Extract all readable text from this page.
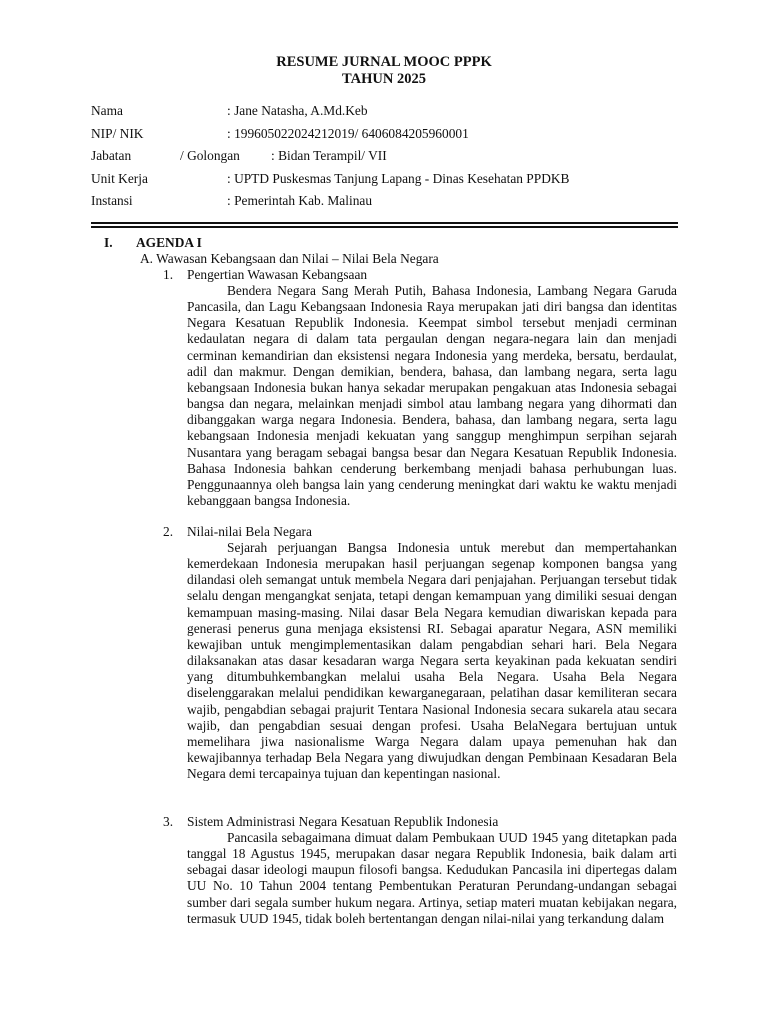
RESUME JURNAL MOOC PPPK
TAHUN 2025
Nama	: Jane Natasha, A.Md.Keb
NIP/ NIK	: 199605022024212019/ 6406084205960001
Jabatan	/ Golongan : Bidan Terampil/ VII
Unit Kerja	: UPTD Puskesmas Tanjung Lapang - Dinas Kesehatan PPDKB
Instansi	: Pemerintah Kab. Malinau
I. AGENDA I
A. Wawasan Kebangsaan dan Nilai – Nilai Bela Negara
1. Pengertian Wawasan Kebangsaan

Bendera Negara Sang Merah Putih, Bahasa Indonesia, Lambang Negara Garuda Pancasila, dan Lagu Kebangsaan Indonesia Raya merupakan jati diri bangsa dan identitas Negara Kesatuan Republik Indonesia. Keempat simbol tersebut menjadi cerminan kedaulatan negara di dalam tata pergaulan dengan negara-negara lain dan menjadi cerminan kemandirian dan eksistensi negara Indonesia yang merdeka, bersatu, berdaulat, adil dan makmur. Dengan demikian, bendera, bahasa, dan lambang negara, serta lagu kebangsaan Indonesia bukan hanya sekadar merupakan pengakuan atas Indonesia sebagai bangsa dan negara, melainkan menjadi simbol atau lambang negara yang dihormati dan dibanggakan warga negara Indonesia. Bendera, bahasa, dan lambang negara, serta lagu kebangsaan Indonesia menjadi kekuatan yang sanggup menghimpun serpihan sejarah Nusantara yang beragam sebagai bangsa besar dan Negara Kesatuan Republik Indonesia. Bahasa Indonesia bahkan cenderung berkembang menjadi bahasa perhubungan luas. Penggunaannya oleh bangsa lain yang cenderung meningkat dari waktu ke waktu menjadi kebanggaan bangsa Indonesia.

2. Nilai-nilai Bela Negara

Sejarah perjuangan Bangsa Indonesia untuk merebut dan mempertahankan kemerdekaan Indonesia merupakan hasil perjuangan segenap komponen bangsa yang dilandasi oleh semangat untuk membela Negara dari penjajahan. Perjuangan tersebut tidak selalu dengan mengangkat senjata, tetapi dengan kemampuan yang dimiliki sesuai dengan kemampuan masing-masing. Nilai dasar Bela Negara kemudian diwariskan kepada para generasi penerus guna menjaga eksistensi RI. Sebagai aparatur Negara, ASN memiliki kewajiban untuk mengimplementasikan dalam pengabdian sehari hari. Bela Negara dilaksanakan atas dasar kesadaran warga Negara serta keyakinan pada kekuatan sendiri yang ditumbuhkembangkan melalui usaha Bela Negara. Usaha Bela Negara diselenggarakan melalui pendidikan kewarganegaraan, pelatihan dasar kemiliteran secara wajib, pengabdian sebagai prajurit Tentara Nasional Indonesia secara sukarela atau secara wajib, dan pengabdian sesuai dengan profesi. Usaha BelaNegara bertujuan untuk memelihara jiwa nasionalisme Warga Negara dalam upaya pemenuhan hak dan kewajibannya terhadap Bela Negara yang diwujudkan dengan Pembinaan Kesadaran Bela Negara demi tercapainya tujuan dan kepentingan nasional.

3. Sistem Administrasi Negara Kesatuan Republik Indonesia

Pancasila sebagaimana dimuat dalam Pembukaan UUD 1945 yang ditetapkan pada tanggal 18 Agustus 1945, merupakan dasar negara Republik Indonesia, baik dalam arti sebagai dasar ideologi maupun filosofi bangsa. Kedudukan Pancasila ini dipertegas dalam UU No. 10 Tahun 2004 tentang Pembentukan Peraturan Perundang-undangan sebagai sumber dari segala sumber hukum negara. Artinya, setiap materi muatan kebijakan negara, termasuk UUD 1945, tidak boleh bertentangan dengan nilai-nilai yang terkandung dalam
